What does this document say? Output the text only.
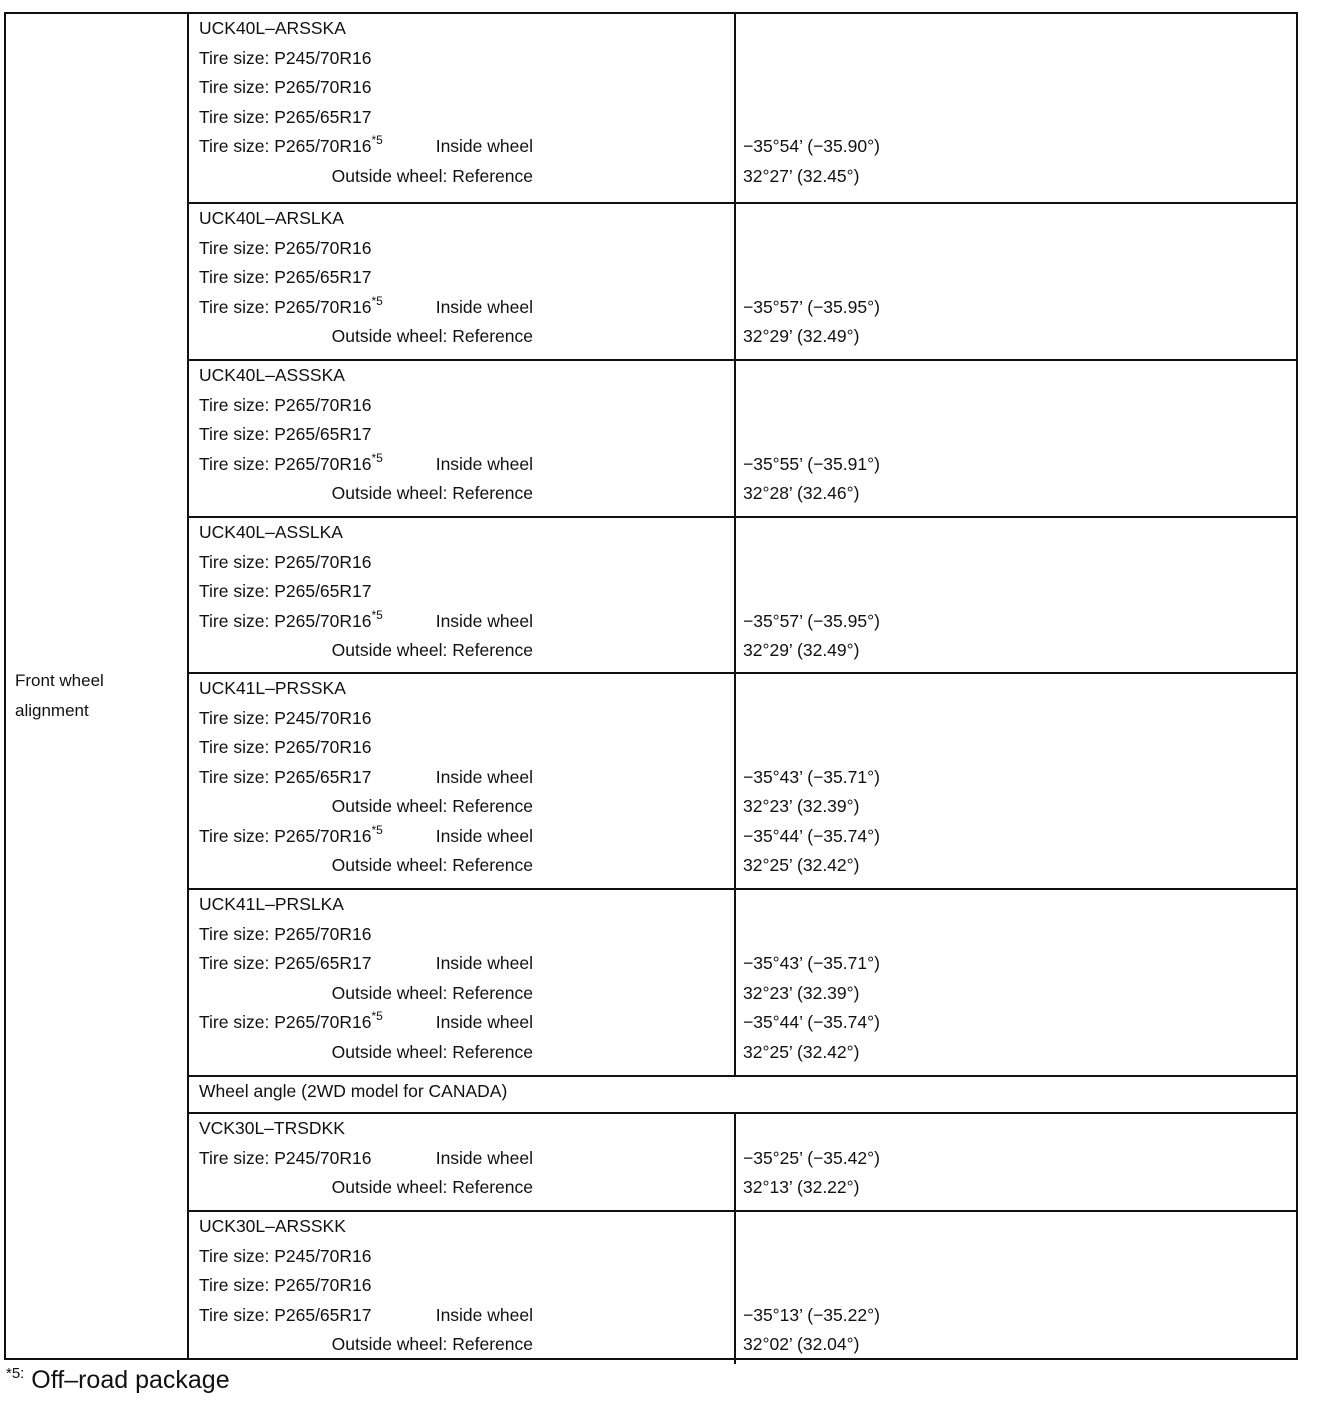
Front wheel
alignment
UCK40L–ARSSKA
Tire size: P245/70R16
Tire size: P265/70R16
Tire size: P265/65R17
Tire size: P265/70R16$^{*5}$	Inside wheel	−35°54’ (−35.90°)
Outside wheel: Reference	32°27’ (32.45°)
UCK40L–ARSLKA
Tire size: P265/70R16
Tire size: P265/65R17
Tire size: P265/70R16$^{*5}$	Inside wheel	−35°57’ (−35.95°)
Outside wheel: Reference	32°29’ (32.49°)
UCK40L–ASSSKA
Tire size: P265/70R16
Tire size: P265/65R17
Tire size: P265/70R16$^{*5}$	Inside wheel	−35°55’ (−35.91°)
Outside wheel: Reference	32°28’ (32.46°)
UCK40L–ASSLKA
Tire size: P265/70R16
Tire size: P265/65R17
Tire size: P265/70R16$^{*5}$	Inside wheel	−35°57’ (−35.95°)
Outside wheel: Reference	32°29’ (32.49°)
UCK41L–PRSSKA
Tire size: P245/70R16
Tire size: P265/70R16
Tire size: P265/65R17	Inside wheel	−35°43’ (−35.71°)
Outside wheel: Reference	32°23’ (32.39°)
Tire size: P265/70R16$^{*5}$	Inside wheel	−35°44’ (−35.74°)
Outside wheel: Reference	32°25’ (32.42°)
UCK41L–PRSLKA
Tire size: P265/70R16
Tire size: P265/65R17	Inside wheel	−35°43’ (−35.71°)
Outside wheel: Reference	32°23’ (32.39°)
Tire size: P265/70R16$^{*5}$	Inside wheel	−35°44’ (−35.74°)
Outside wheel: Reference	32°25’ (32.42°)
Wheel angle (2WD model for CANADA)
VCK30L–TRSDKK
Tire size: P245/70R16	Inside wheel	−35°25’ (−35.42°)
Outside wheel: Reference	32°13’ (32.22°)
UCK30L–ARSSKK
Tire size: P245/70R16
Tire size: P265/70R16
Tire size: P265/65R17	Inside wheel	−35°13’ (−35.22°)
Outside wheel: Reference	32°02’ (32.04°)
$^{*5:}$ Off–road package
